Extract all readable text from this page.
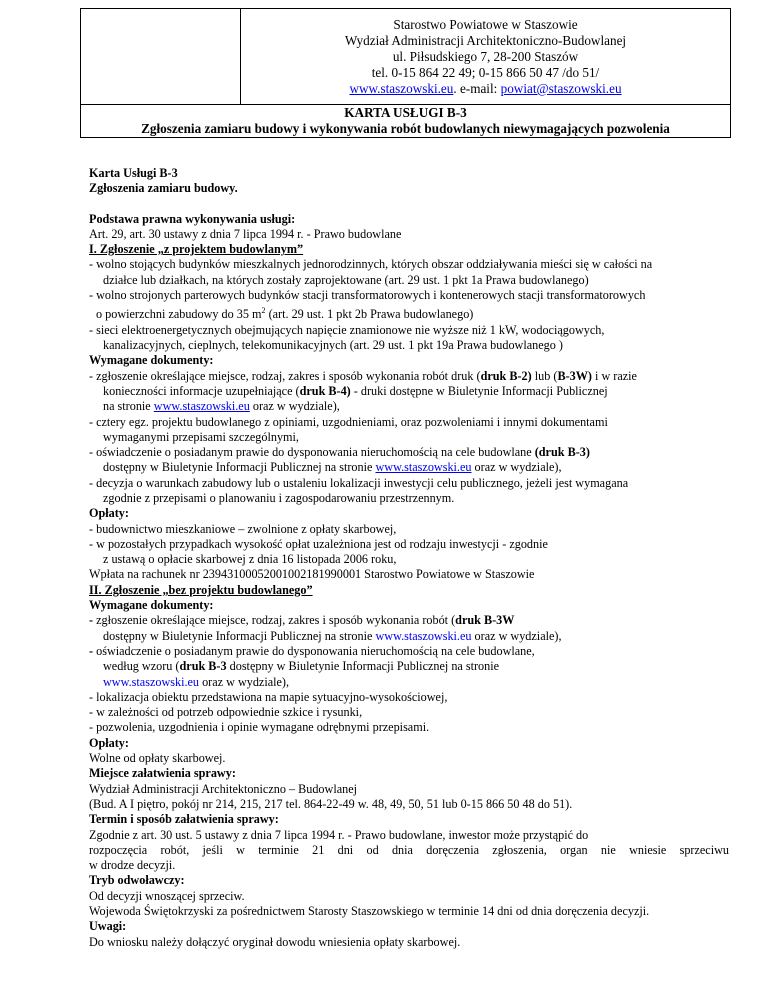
Starostwo Powiatowe w Staszowie
Wydział Administracji Architektoniczno-Budowlanej
ul. Piłsudskiego 7, 28-200 Staszów
tel. 0-15 864 22 49; 0-15 866 50 47 /do 51/
www.staszowski.eu. e-mail: powiat@staszowski.eu

KARTA USŁUGI B-3
Zgłoszenia zamiaru budowy i wykonywania robót budowlanych niewymagających pozwolenia

Karta Usługi B-3

Zgłoszenia zamiaru budowy.

Podstawa prawna wykonywania usługi:

Art. 29, art. 30 ustawy z dnia 7 lipca 1994 r. - Prawo budowlane

I. Zgłoszenie „z projektem budowlanym”

- wolno stojących budynków mieszkalnych jednorodzinnych, których obszar oddziaływania mieści się w całości na

działce lub działkach, na których zostały zaprojektowane (art. 29 ust. 1 pkt 1a Prawa budowlanego)

- wolno strojonych parterowych budynków stacji transformatorowych i kontenerowych stacji transformatorowych

o powierzchni zabudowy do 35 $m^2$ (art. 29 ust. 1 pkt 2b Prawa budowlanego)

- sieci elektroenergetycznych obejmujących napięcie znamionowe nie wyższe niż 1 kW, wodociągowych,

kanalizacyjnych, cieplnych, telekomunikacyjnych (art. 29 ust. 1 pkt 19a Prawa budowlanego )

Wymagane dokumenty:

- zgłoszenie określające miejsce, rodzaj, zakres i sposób wykonania robót druk (druk B-2) lub (B-3W) i w razie

konieczności informacje uzupełniające (druk B-4) - druki dostępne w Biuletynie Informacji Publicznej

na stronie www.staszowski.eu oraz w wydziale),

- cztery egz. projektu budowlanego z opiniami, uzgodnieniami, oraz pozwoleniami i innymi dokumentami

wymaganymi przepisami szczególnymi,

- oświadczenie o posiadanym prawie do dysponowania nieruchomością na cele budowlane (druk B-3)

dostępny w Biuletynie Informacji Publicznej na stronie www.staszowski.eu oraz w wydziale),

- decyzja o warunkach zabudowy lub o ustaleniu lokalizacji inwestycji celu publicznego, jeżeli jest wymagana

zgodnie z przepisami o planowaniu i zagospodarowaniu przestrzennym.

Opłaty:

- budownictwo mieszkaniowe – zwolnione z opłaty skarbowej,

- w pozostałych przypadkach wysokość opłat uzależniona jest od rodzaju inwestycji - zgodnie

z ustawą o opłacie skarbowej z dnia 16 listopada 2006 roku,

Wpłata na rachunek nr 23943100052001002181990001 Starostwo Powiatowe w Staszowie

II. Zgłoszenie „bez projektu budowlanego”

Wymagane dokumenty:

- zgłoszenie określające miejsce, rodzaj, zakres i sposób wykonania robót (druk B-3W

dostępny w Biuletynie Informacji Publicznej na stronie www.staszowski.eu oraz w wydziale),

- oświadczenie o posiadanym prawie do dysponowania nieruchomością na cele budowlane,

według wzoru (druk B-3 dostępny w Biuletynie Informacji Publicznej na stronie

www.staszowski.eu oraz w wydziale),

- lokalizacja obiektu przedstawiona na mapie sytuacyjno-wysokościowej,

- w zależności od potrzeb odpowiednie szkice i rysunki,

- pozwolenia, uzgodnienia i opinie wymagane odrębnymi przepisami.

Opłaty:

Wolne od opłaty skarbowej.

Miejsce załatwienia sprawy:

Wydział Administracji Architektoniczno – Budowlanej

(Bud. A I piętro, pokój nr 214, 215, 217 tel. 864-22-49 w. 48, 49, 50, 51 lub 0-15 866 50 48 do 51).

Termin i sposób załatwienia sprawy:

Zgodnie z art. 30 ust. 5 ustawy z dnia 7 lipca 1994 r. - Prawo budowlane, inwestor może przystąpić do

rozpoczęcia robót, jeśli w terminie 21 dni od dnia doręczenia zgłoszenia, organ nie wniesie sprzeciwu

w drodze decyzji.

Tryb odwoławczy:

Od decyzji wnoszącej sprzeciw.

Wojewoda Świętokrzyski za pośrednictwem Starosty Staszowskiego w terminie 14 dni od dnia doręczenia decyzji.

Uwagi:

Do wniosku należy dołączyć oryginał dowodu wniesienia opłaty skarbowej.
